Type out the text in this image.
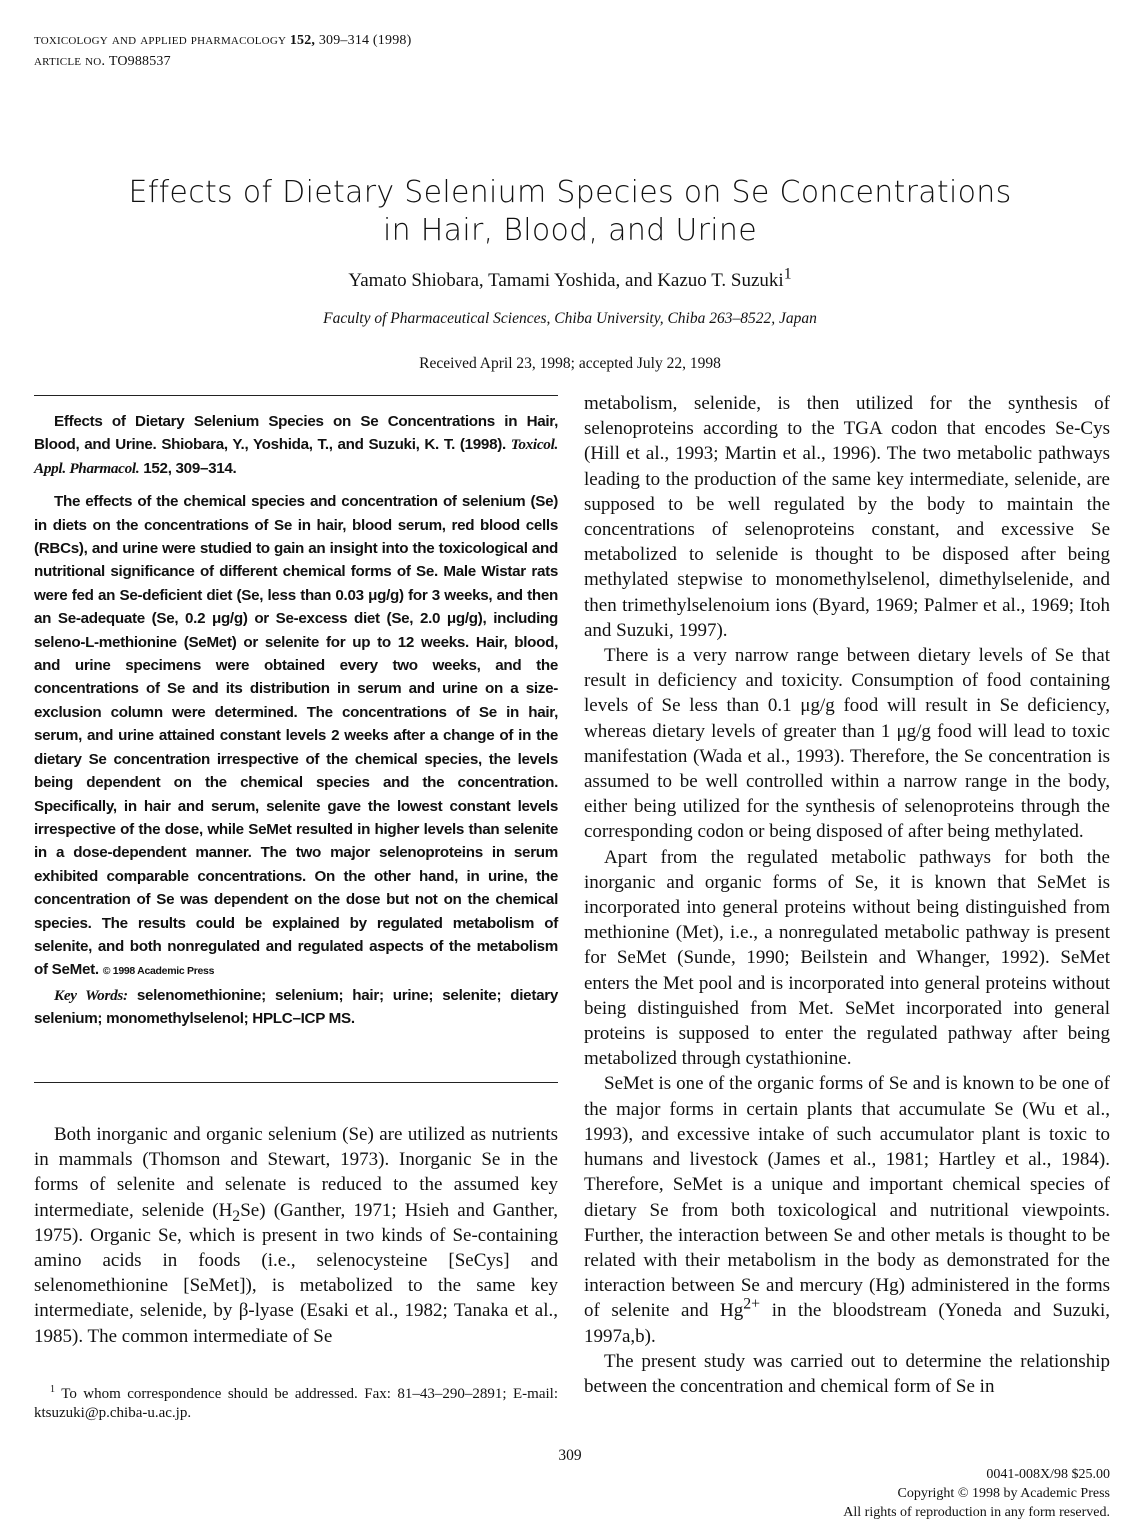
toxicology and applied pharmacology 152, 309–314 (1998)
article no. TO988537
Effects of Dietary Selenium Species on Se Concentrations
in Hair, Blood, and Urine
Yamato Shiobara, Tamami Yoshida, and Kazuo T. Suzuki$^1$
Faculty of Pharmaceutical Sciences, Chiba University, Chiba 263–8522, Japan
Received April 23, 1998; accepted July 22, 1998

Effects of Dietary Selenium Species on Se Concentrations in Hair, Blood, and Urine. Shiobara, Y., Yoshida, T., and Suzuki, K. T. (1998). Toxicol. Appl. Pharmacol. 152, 309–314.

The effects of the chemical species and concentration of selenium (Se) in diets on the concentrations of Se in hair, blood serum, red blood cells (RBCs), and urine were studied to gain an insight into the toxicological and nutritional significance of different chemical forms of Se. Male Wistar rats were fed an Se-deficient diet (Se, less than 0.03 μg/g) for 3 weeks, and then an Se-adequate (Se, 0.2 μg/g) or Se-excess diet (Se, 2.0 μg/g), including seleno-L-methionine (SeMet) or selenite for up to 12 weeks. Hair, blood, and urine specimens were obtained every two weeks, and the concentrations of Se and its distribution in serum and urine on a size-exclusion column were determined. The concentrations of Se in hair, serum, and urine attained constant levels 2 weeks after a change of in the dietary Se concentration irrespective of the chemical species, the levels being dependent on the chemical species and the concentration. Specifically, in hair and serum, selenite gave the lowest constant levels irrespective of the dose, while SeMet resulted in higher levels than selenite in a dose-dependent manner. The two major selenoproteins in serum exhibited comparable concentrations. On the other hand, in urine, the concentration of Se was dependent on the dose but not on the chemical species. The results could be explained by regulated metabolism of selenite, and both nonregulated and regulated aspects of the metabolism of SeMet. © 1998 Academic Press

Key Words: selenomethionine; selenium; hair; urine; selenite; dietary selenium; monomethylselenol; HPLC–ICP MS.

Both inorganic and organic selenium (Se) are utilized as nutrients in mammals (Thomson and Stewart, 1973). Inorganic Se in the forms of selenite and selenate is reduced to the assumed key intermediate, selenide $(H_2Se)$ (Ganther, 1971; Hsieh and Ganther, 1975). Organic Se, which is present in two kinds of Se-containing amino acids in foods (i.e., selenocysteine [SeCys] and selenomethionine [SeMet]), is metabolized to the same key intermediate, selenide, by β-lyase (Esaki et al., 1982; Tanaka et al., 1985). The common intermediate of Se

$^1$ To whom correspondence should be addressed. Fax: 81–43–290–2891; E-mail: ktsuzuki@p.chiba-u.ac.jp.

metabolism, selenide, is then utilized for the synthesis of selenoproteins according to the TGA codon that encodes Se-Cys (Hill et al., 1993; Martin et al., 1996). The two metabolic pathways leading to the production of the same key intermediate, selenide, are supposed to be well regulated by the body to maintain the concentrations of selenoproteins constant, and excessive Se metabolized to selenide is thought to be disposed after being methylated stepwise to monomethylselenol, dimethylselenide, and then trimethylselenoium ions (Byard, 1969; Palmer et al., 1969; Itoh and Suzuki, 1997).

There is a very narrow range between dietary levels of Se that result in deficiency and toxicity. Consumption of food containing levels of Se less than 0.1 μg/g food will result in Se deficiency, whereas dietary levels of greater than 1 μg/g food will lead to toxic manifestation (Wada et al., 1993). Therefore, the Se concentration is assumed to be well controlled within a narrow range in the body, either being utilized for the synthesis of selenoproteins through the corresponding codon or being disposed of after being methylated.

Apart from the regulated metabolic pathways for both the inorganic and organic forms of Se, it is known that SeMet is incorporated into general proteins without being distinguished from methionine (Met), i.e., a nonregulated metabolic pathway is present for SeMet (Sunde, 1990; Beilstein and Whanger, 1992). SeMet enters the Met pool and is incorporated into general proteins without being distinguished from Met. SeMet incorporated into general proteins is supposed to enter the regulated pathway after being metabolized through cystathionine.

SeMet is one of the organic forms of Se and is known to be one of the major forms in certain plants that accumulate Se (Wu et al., 1993), and excessive intake of such accumulator plant is toxic to humans and livestock (James et al., 1981; Hartley et al., 1984). Therefore, SeMet is a unique and important chemical species of dietary Se from both toxicological and nutritional viewpoints. Further, the interaction between Se and other metals is thought to be related with their metabolism in the body as demonstrated for the interaction between Se and mercury (Hg) administered in the forms of selenite and $Hg^{2+}$ in the bloodstream (Yoneda and Suzuki, 1997a,b).

The present study was carried out to determine the relationship between the concentration and chemical form of Se in

309
0041-008X/98 $25.00
Copyright © 1998 by Academic Press
All rights of reproduction in any form reserved.
